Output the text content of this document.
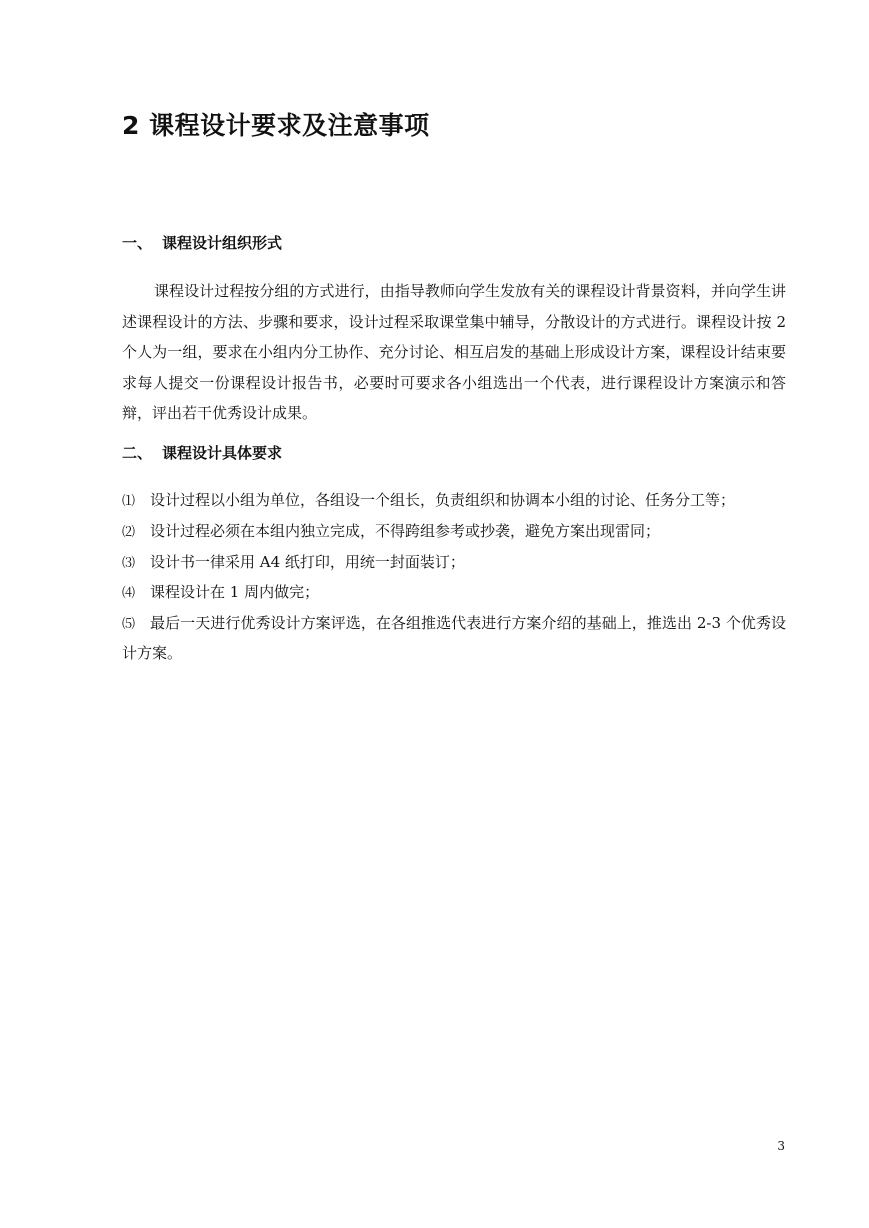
2 课程设计要求及注意事项
一、 课程设计组织形式

课程设计过程按分组的方式进行，由指导教师向学生发放有关的课程设计背景资料，并向学生讲述课程设计的方法、步骤和要求，设计过程采取课堂集中辅导，分散设计的方式进行。课程设计按 2 个人为一组，要求在小组内分工协作、充分讨论、相互启发的基础上形成设计方案，课程设计结束要求每人提交一份课程设计报告书，必要时可要求各小组选出一个代表，进行课程设计方案演示和答辩，评出若干优秀设计成果。

二、 课程设计具体要求
⑴ 设计过程以小组为单位，各组设一个组长，负责组织和协调本小组的讨论、任务分工等；
⑵ 设计过程必须在本组内独立完成，不得跨组参考或抄袭，避免方案出现雷同；
⑶ 设计书一律采用 A4 纸打印，用统一封面装订；
⑷ 课程设计在 1 周内做完；
⑸ 最后一天进行优秀设计方案评选，在各组推选代表进行方案介绍的基础上，推选出 2-3 个优秀设计方案。

3
